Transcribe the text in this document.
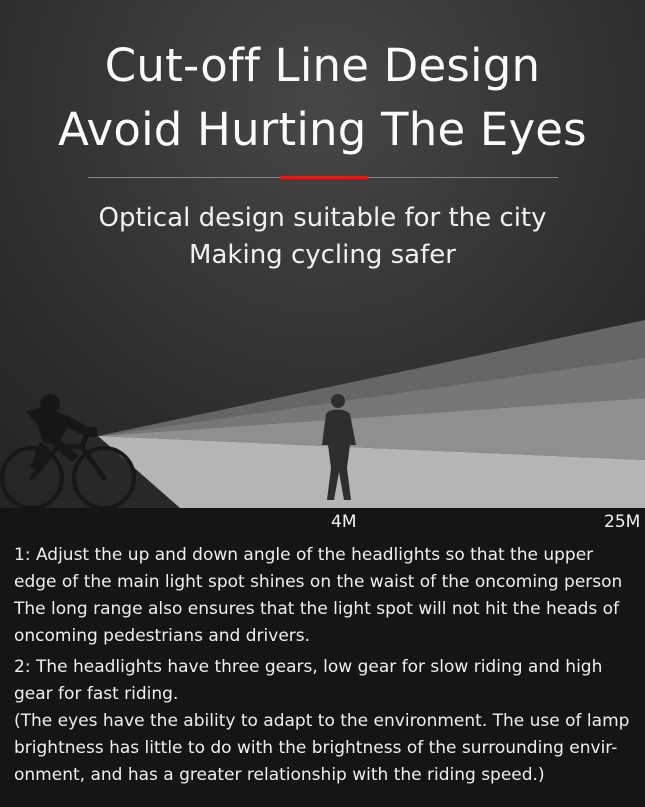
Cut-off Line Design
Avoid Hurting The Eyes
Optical design suitable for the city
Making cycling safer
4M	25M

1: Adjust the up and down angle of the headlights so that the upper

edge of the main light spot shines on the waist of the oncoming person

The long range also ensures that the light spot will not hit the heads of

oncoming pedestrians and drivers.

2: The headlights have three gears, low gear for slow riding and high

gear for fast riding.

(The eyes have the ability to adapt to the environment. The use of lamp

brightness has little to do with the brightness of the surrounding envir-

onment, and has a greater relationship with the riding speed.)
